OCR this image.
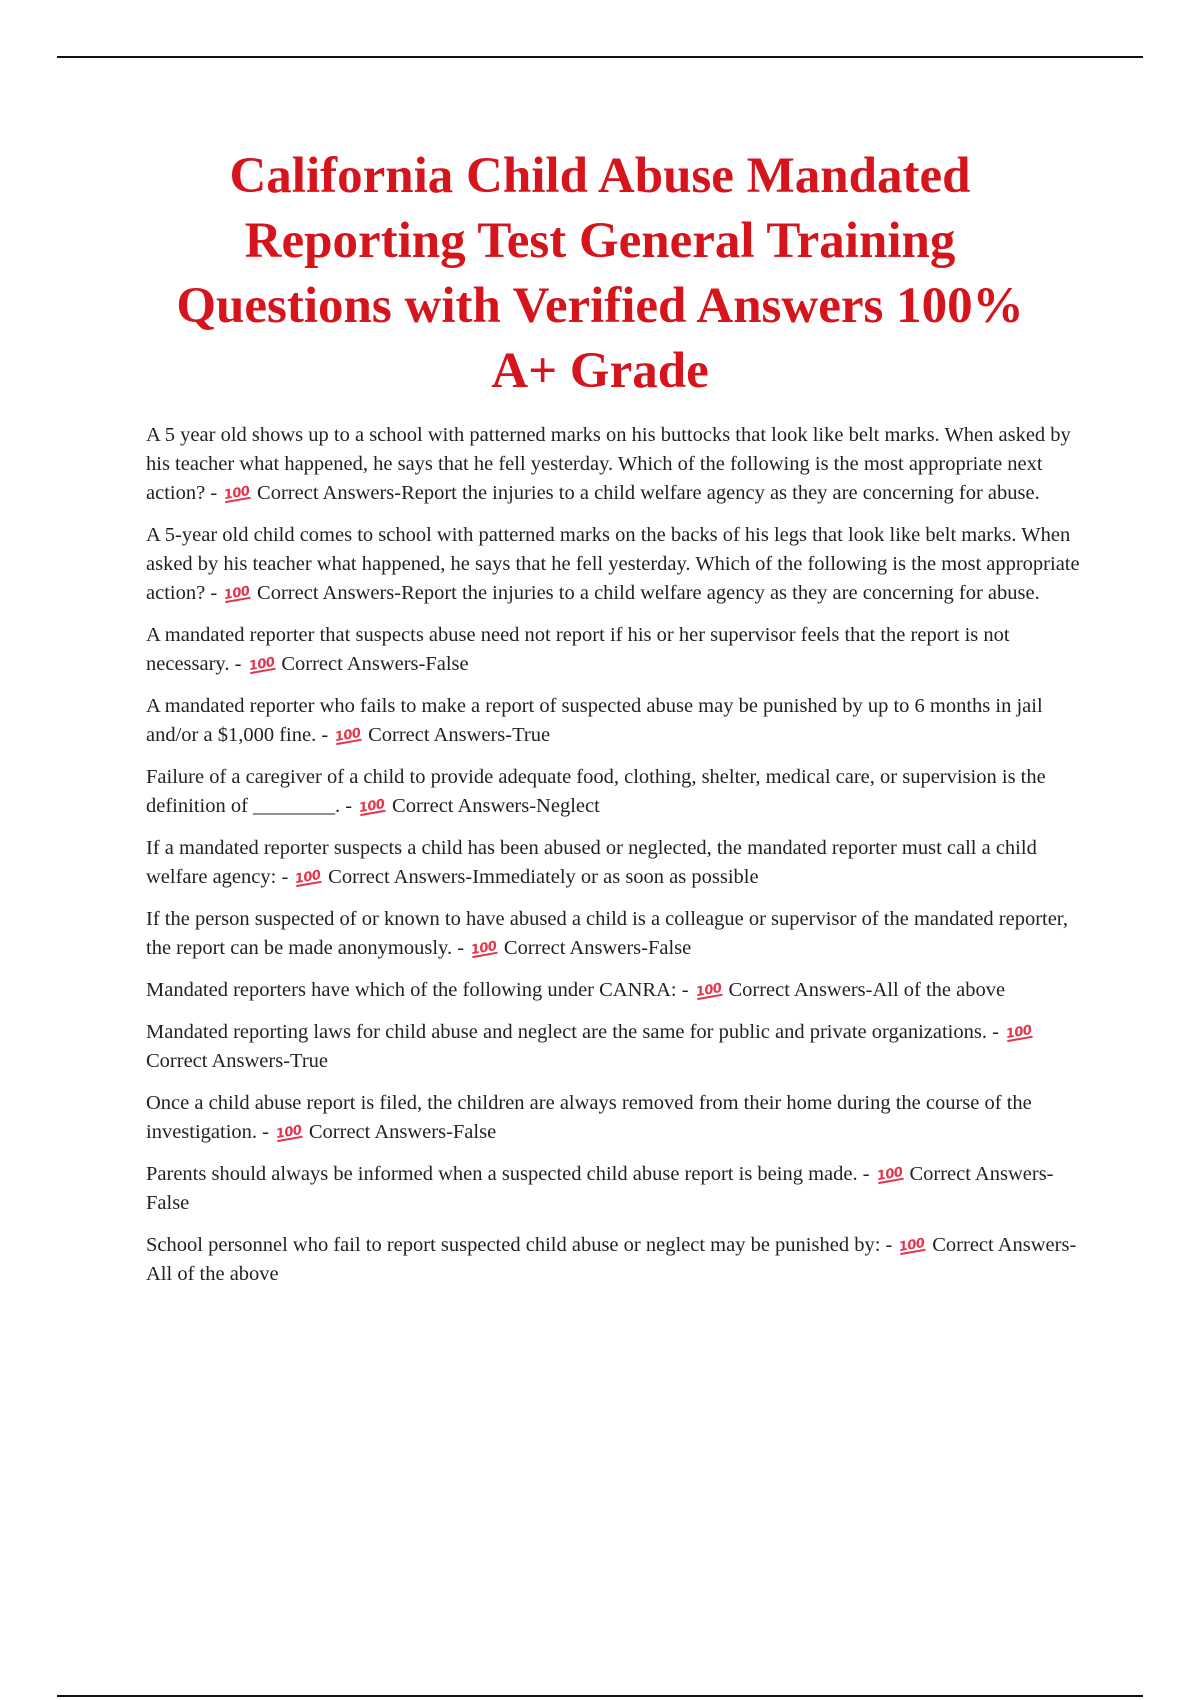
California Child Abuse Mandated Reporting Test General Training Questions with Verified Answers 100% A+ Grade

A 5 year old shows up to a school with patterned marks on his buttocks that look like belt marks. When asked by his teacher what happened, he says that he fell yesterday. Which of the following is the most appropriate next action? - 100 Correct Answers-Report the injuries to a child welfare agency as they are concerning for abuse.

A 5-year old child comes to school with patterned marks on the backs of his legs that look like belt marks. When asked by his teacher what happened, he says that he fell yesterday. Which of the following is the most appropriate action? - 100 Correct Answers-Report the injuries to a child welfare agency as they are concerning for abuse.

A mandated reporter that suspects abuse need not report if his or her supervisor feels that the report is not necessary. - 100 Correct Answers-False

A mandated reporter who fails to make a report of suspected abuse may be punished by up to 6 months in jail and/or a $1,000 fine. - 100 Correct Answers-True

Failure of a caregiver of a child to provide adequate food, clothing, shelter, medical care, or supervision is the definition of ________. - 100 Correct Answers-Neglect

If a mandated reporter suspects a child has been abused or neglected, the mandated reporter must call a child welfare agency: - 100 Correct Answers-Immediately or as soon as possible

If the person suspected of or known to have abused a child is a colleague or supervisor of the mandated reporter, the report can be made anonymously. - 100 Correct Answers-False

Mandated reporters have which of the following under CANRA: - 100 Correct Answers-All of the above

Mandated reporting laws for child abuse and neglect are the same for public and private organizations. - 100 Correct Answers-True

Once a child abuse report is filed, the children are always removed from their home during the course of the investigation. - 100 Correct Answers-False

Parents should always be informed when a suspected child abuse report is being made. - 100 Correct Answers-False

School personnel who fail to report suspected child abuse or neglect may be punished by: - 100 Correct Answers-All of the above
